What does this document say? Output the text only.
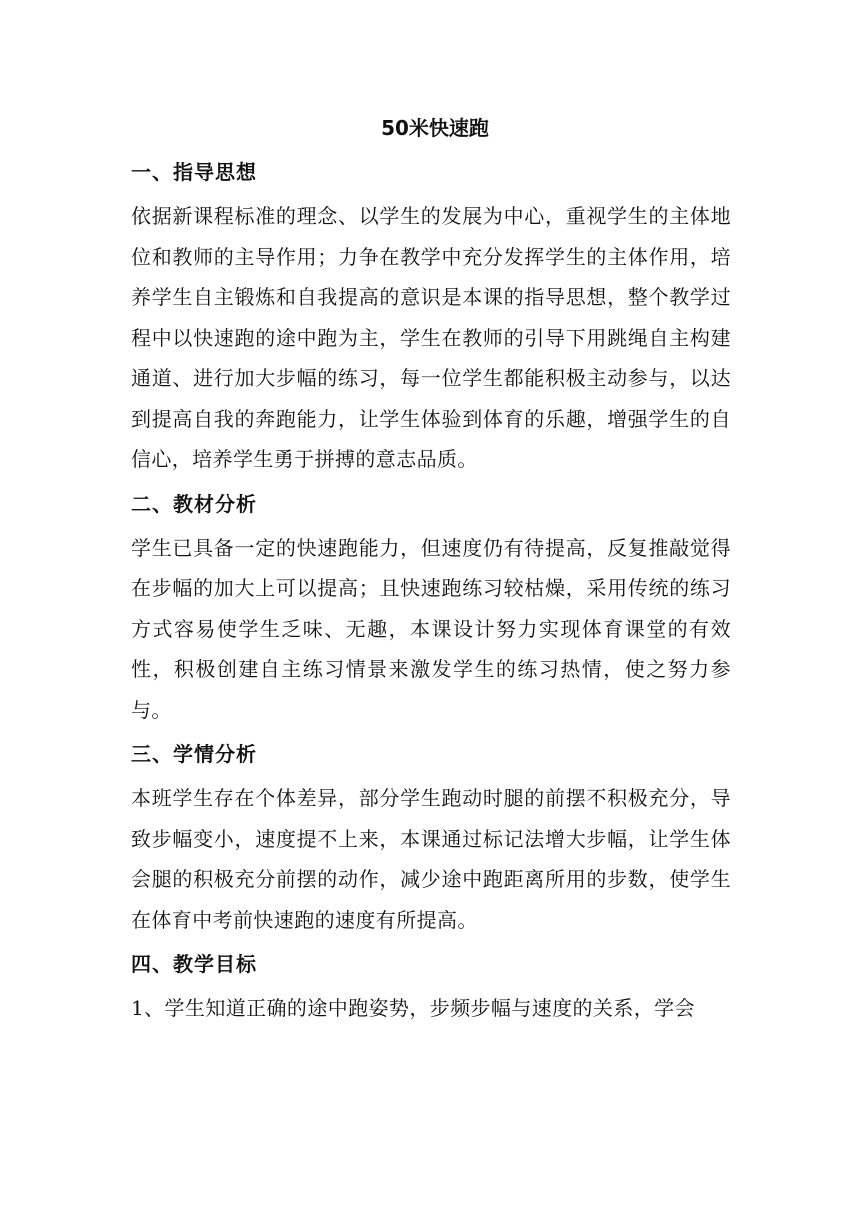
50米快速跑
一、指导思想

依据新课程标准的理念、以学生的发展为中心，重视学生的主体地位和教师的主导作用；力争在教学中充分发挥学生的主体作用，培养学生自主锻炼和自我提高的意识是本课的指导思想，整个教学过程中以快速跑的途中跑为主，学生在教师的引导下用跳绳自主构建通道、进行加大步幅的练习，每一位学生都能积极主动参与，以达到提高自我的奔跑能力，让学生体验到体育的乐趣，增强学生的自信心，培养学生勇于拼搏的意志品质。

二、教材分析

学生已具备一定的快速跑能力，但速度仍有待提高，反复推敲觉得在步幅的加大上可以提高；且快速跑练习较枯燥，采用传统的练习方式容易使学生乏味、无趣，本课设计努力实现体育课堂的有效性，积极创建自主练习情景来激发学生的练习热情，使之努力参与。

三、学情分析

本班学生存在个体差异，部分学生跑动时腿的前摆不积极充分，导致步幅变小，速度提不上来，本课通过标记法增大步幅，让学生体会腿的积极充分前摆的动作，减少途中跑距离所用的步数，使学生在体育中考前快速跑的速度有所提高。

四、教学目标

1、学生知道正确的途中跑姿势，步频步幅与速度的关系，学会
